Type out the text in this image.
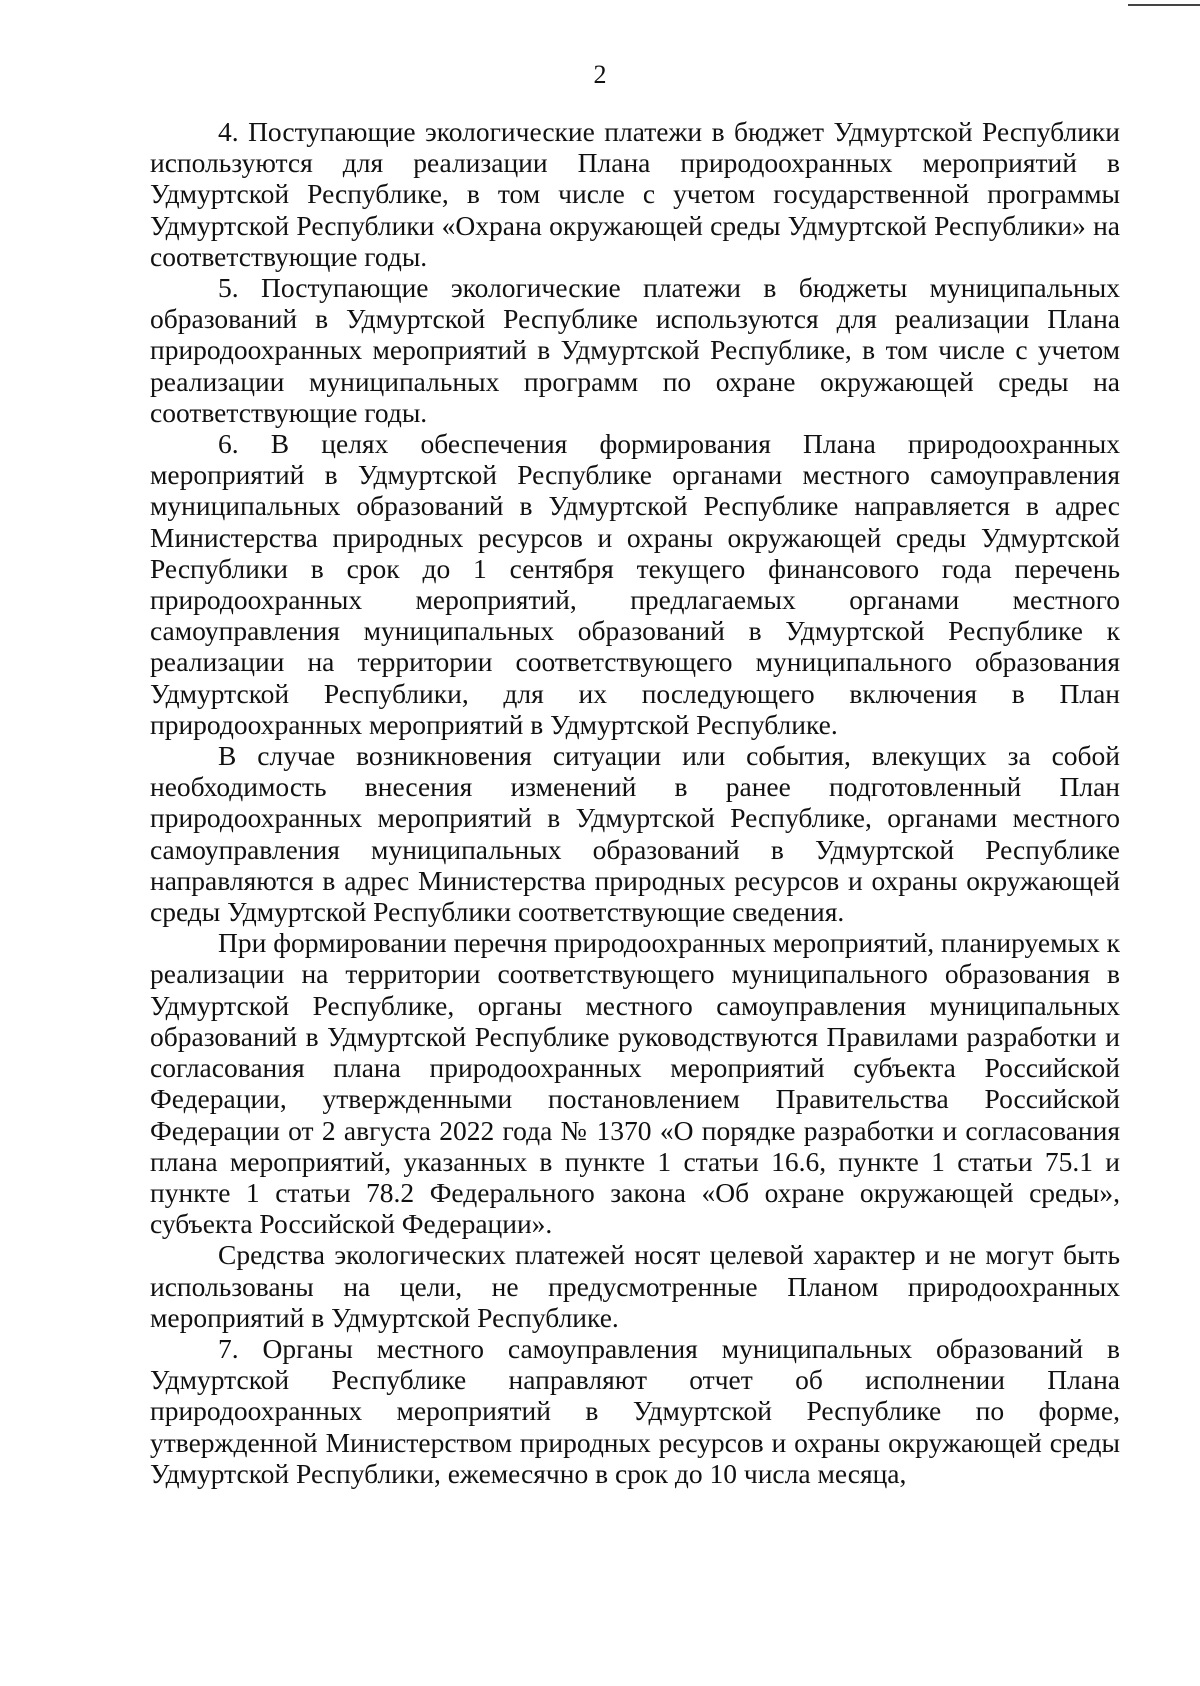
2

4. Поступающие экологические платежи в бюджет Удмуртской Республики используются для реализации Плана природоохранных мероприятий в Удмуртской Республике, в том числе с учетом государственной программы Удмуртской Республики «Охрана окружающей среды Удмуртской Республики» на соответствующие годы.

5. Поступающие экологические платежи в бюджеты муниципальных образований в Удмуртской Республике используются для реализации Плана природоохранных мероприятий в Удмуртской Республике, в том числе с учетом реализации муниципальных программ по охране окружающей среды на соответствующие годы.

6. В целях обеспечения формирования Плана природоохранных мероприятий в Удмуртской Республике органами местного самоуправления муниципальных образований в Удмуртской Республике направляется в адрес Министерства природных ресурсов и охраны окружающей среды Удмуртской Республики в срок до 1 сентября текущего финансового года перечень природоохранных мероприятий, предлагаемых органами местного самоуправления муниципальных образований в Удмуртской Республике к реализации на территории соответствующего муниципального образования Удмуртской Республики, для их последующего включения в План природоохранных мероприятий в Удмуртской Республике.

В случае возникновения ситуации или события, влекущих за собой необходимость внесения изменений в ранее подготовленный План природоохранных мероприятий в Удмуртской Республике, органами местного самоуправления муниципальных образований в Удмуртской Республике направляются в адрес Министерства природных ресурсов и охраны окружающей среды Удмуртской Республики соответствующие сведения.

При формировании перечня природоохранных мероприятий, планируемых к реализации на территории соответствующего муниципального образования в Удмуртской Республике, органы местного самоуправления муниципальных образований в Удмуртской Республике руководствуются Правилами разработки и согласования плана природоохранных мероприятий субъекта Российской Федерации, утвержденными постановлением Правительства Российской Федерации от 2 августа 2022 года № 1370 «О порядке разработки и согласования плана мероприятий, указанных в пункте 1 статьи 16.6, пункте 1 статьи 75.1 и пункте 1 статьи 78.2 Федерального закона «Об охране окружающей среды», субъекта Российской Федерации».

Средства экологических платежей носят целевой характер и не могут быть использованы на цели, не предусмотренные Планом природоохранных мероприятий в Удмуртской Республике.

7. Органы местного самоуправления муниципальных образований в Удмуртской Республике направляют отчет об исполнении Плана природоохранных мероприятий в Удмуртской Республике по форме, утвержденной Министерством природных ресурсов и охраны окружающей среды Удмуртской Республики, ежемесячно в срок до 10 числа месяца,
